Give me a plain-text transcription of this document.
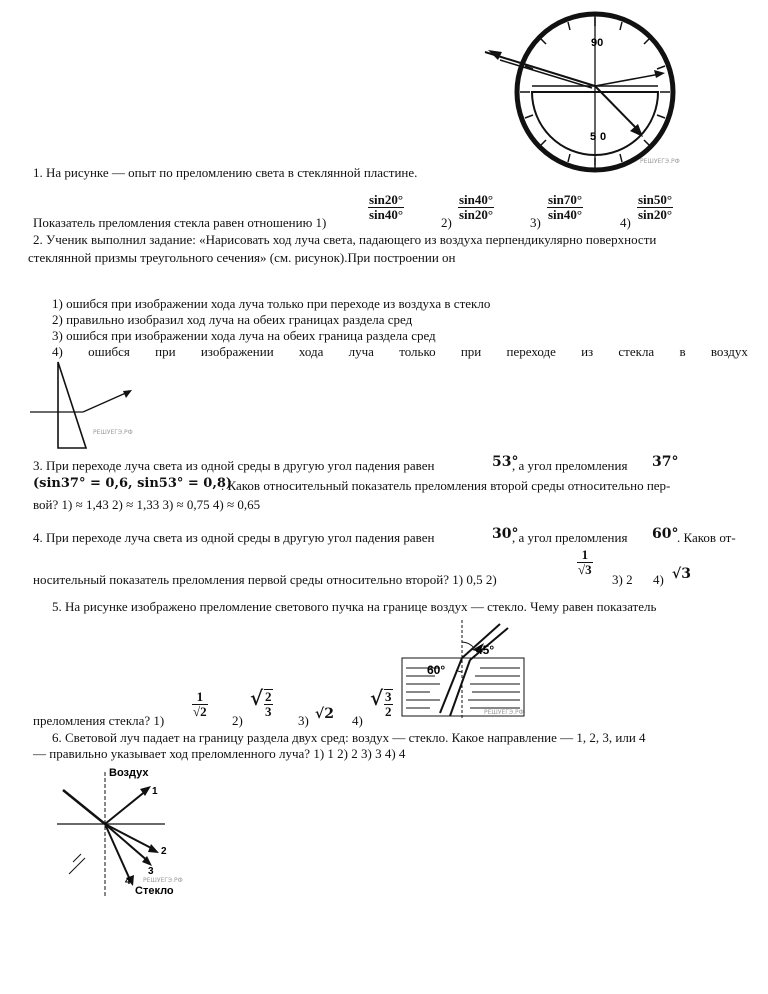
90
0
5
РЕШУЕГЭ.РФ
1. На рисунке — опыт по преломлению света в стеклянной пластине.
Показатель преломления стекла равен отношению 1)
$\frac{\sin 20^\circ}{\sin 40^\circ}$
2)
$\frac{\sin 40^\circ}{\sin 20^\circ}$
3)
$\frac{\sin 70^\circ}{\sin 40^\circ}$
4)
$\frac{\sin 50^\circ}{\sin 20^\circ}$
2. Ученик выполнил задание: «Нарисовать ход луча света, падающего из воздуха перпендикулярно поверхности
стеклянной призмы треугольного сечения» (см. рисунок).При построении он
1) ошибся при изображении хода луча только при переходе из воздуха в стекло
2) правильно изобразил ход луча на обеих границах раздела сред
3) ошибся при изображении хода луча на обеих граница раздела сред
4) ошибся при изображении хода луча только при переходе из стекла в воздух
РЕШУЕГЭ.РФ
3. При переходе луча света из одной среды в другую угол падения равен	53°
, а угол преломления 37°
(sin37° = 0,6, sin53° = 0,8)
. Каков относительный показатель преломления второй среды относительно пер-
вой? 1) ≈ 1,43 2) ≈ 1,33 3) ≈ 0,75 4) ≈ 0,65
4. При переходе луча света из одной среды в другую угол падения равен	30°
, а угол преломления 60°
. Каков от-
носительный показатель преломления первой среды относительно второй? 1) 0,5 2)
$\frac{1}{√3}$
3) 2 4) √3
5. На рисунке изображено преломление светового пучка на границе воздух — стекло. Чему равен показатель
45°
60°
РЕШУЕГЭ.РФ
преломления стекла? 1)
$\frac{1}{√2}$
2)
√ $\frac{2}{3}$
3) √2 4)
√ $\frac{3}{2}$
6. Световой луч падает на границу раздела двух сред: воздух — стекло. Какое направление — 1, 2, 3, или 4
— правильно указывает ход преломленного луча? 1) 1 2) 2 3) 3 4) 4
Воздух
1
2
3
4
Стекло
РЕШУЕГЭ.РФ
